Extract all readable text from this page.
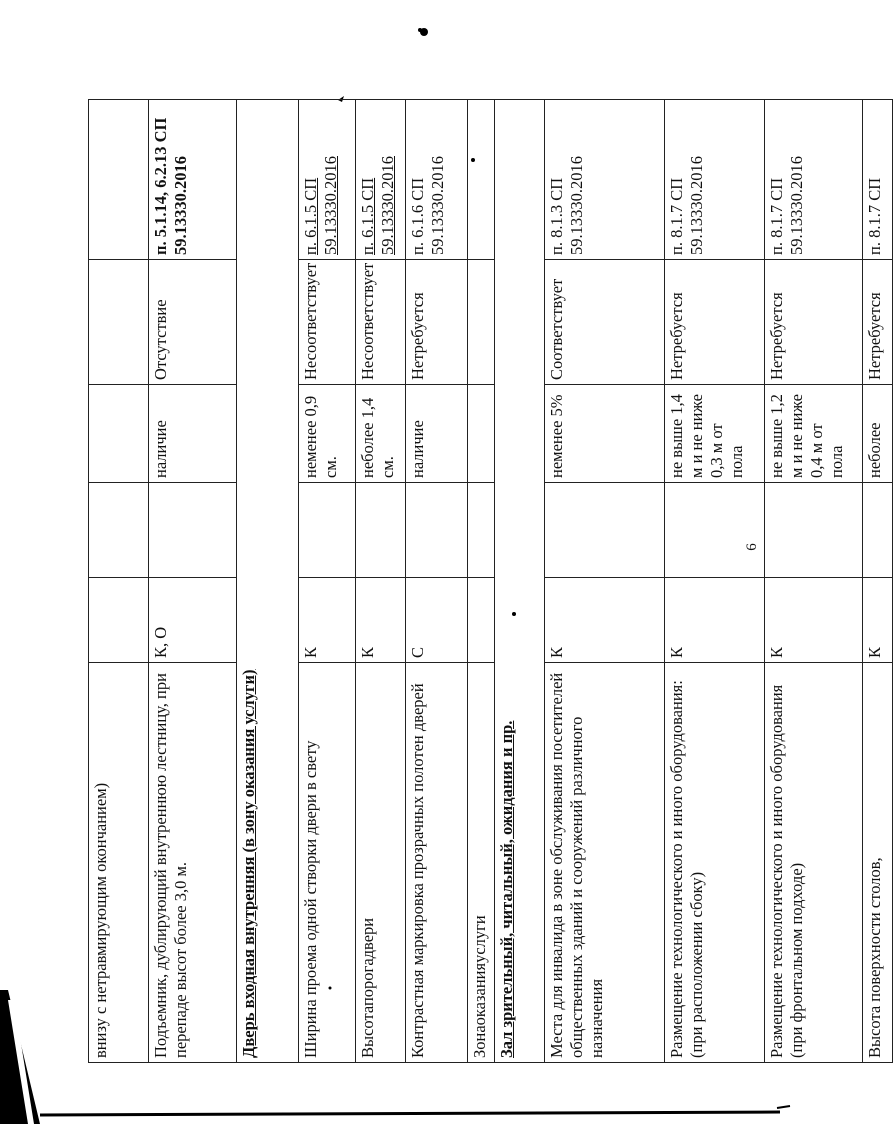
внизу с нетравмирующим окончанием)					
Подъемник, дублирующий внутреннюю лестницу, при перепаде высот более 3,0 м.	К, О		наличие	Отсутствие	п. 5.1.14, 6.2.13 СП 59.13330.2016
Дверь входная внутренняя (в зону оказания услуги)					
Ширина проема одной створки двери в свету	К		неменее 0,9 см.	Несоответствует	п. 6.1.5 СП 59.13330.2016
Высотапорогадвери	К		неболее 1,4 см.	Несоответствует	п. 6.1.5 СП 59.13330.2016
Контрастная маркировка прозрачных полотен дверей	С		наличие	Нетребуется	п. 6.1.6 СП 59.13330.2016
Зонаоказанияуслуги					
Зал зрительный, читальный, ожидания и пр.					
Места для инвалида в зоне обслуживания посетителей общественных зданий и сооружений различного назначения	К		неменее 5%	Соответствует	п. 8.1.3 СП 59.13330.2016
Размещение технологического и иного оборудования:(при расположении сбоку)	К		не выше 1,4 м и не ниже 0,3 м от пола	Нетребуется	п. 8.1.7 СП 59.13330.2016
Размещение технологического и иного оборудования (при фронтальном подходе)	К		не выше 1,2 м и не ниже 0,4 м от пола	Нетребуется	п. 8.1.7 СП 59.13330.2016
Высота поверхности столов,	К		неболее	Нетребуется	п. 8.1.7 СП
6
